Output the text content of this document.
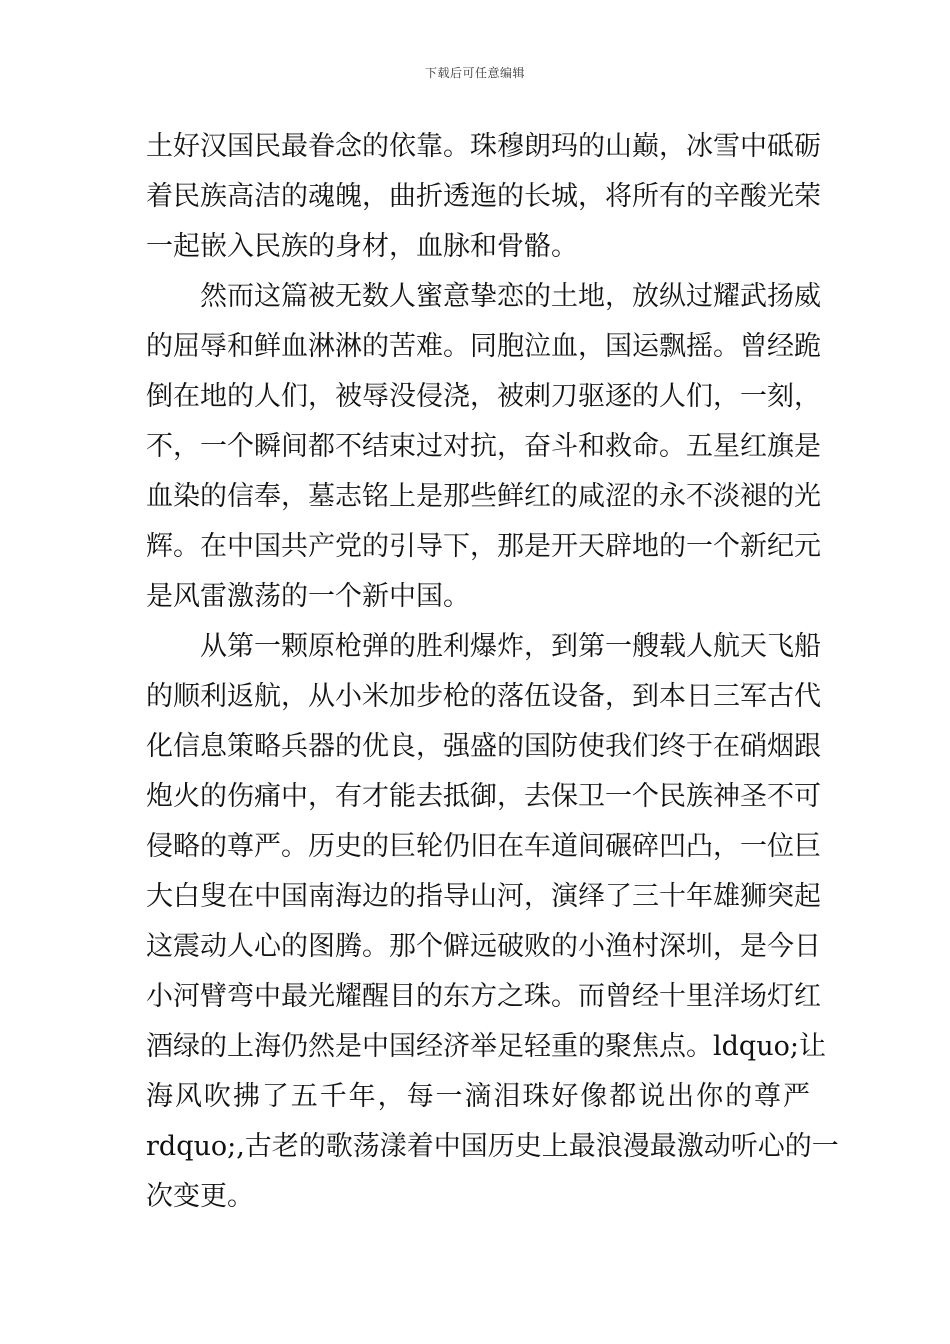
下载后可任意编辑
土好汉国民最眷念的依靠。珠穆朗玛的山巅，冰雪中砥砺
着民族高洁的魂魄，曲折透迤的长城，将所有的辛酸光荣
一起嵌入民族的身材，血脉和骨骼。
　　然而这篇被无数人蜜意挚恋的土地，放纵过耀武扬威
的屈辱和鲜血淋淋的苦难。同胞泣血，国运飘摇。曾经跪
倒在地的人们，被辱没侵浇，被刺刀驱逐的人们，一刻，
不，一个瞬间都不结束过对抗，奋斗和救命。五星红旗是
血染的信奉，墓志铭上是那些鲜红的咸涩的永不淡褪的光
辉。在中国共产党的引导下，那是开天辟地的一个新纪元
是风雷激荡的一个新中国。
　　从第一颗原枪弹的胜利爆炸，到第一艘载人航天飞船
的顺利返航，从小米加步枪的落伍设备，到本日三军古代
化信息策略兵器的优良，强盛的国防使我们终于在硝烟跟
炮火的伤痛中，有才能去抵御，去保卫一个民族神圣不可
侵略的尊严。历史的巨轮仍旧在车道间碾碎凹凸，一位巨
大白叟在中国南海边的指导山河，演绎了三十年雄狮突起
这震动人心的图腾。那个僻远破败的小渔村深圳，是今日
小河臂弯中最光耀醒目的东方之珠。而曾经十里洋场灯红
酒绿的上海仍然是中国经济举足轻重的聚焦点。ldquo;让
海风吹拂了五千年，每一滴泪珠好像都说出你的尊严
rdquo;,古老的歌荡漾着中国历史上最浪漫最激动听心的一
次变更。
